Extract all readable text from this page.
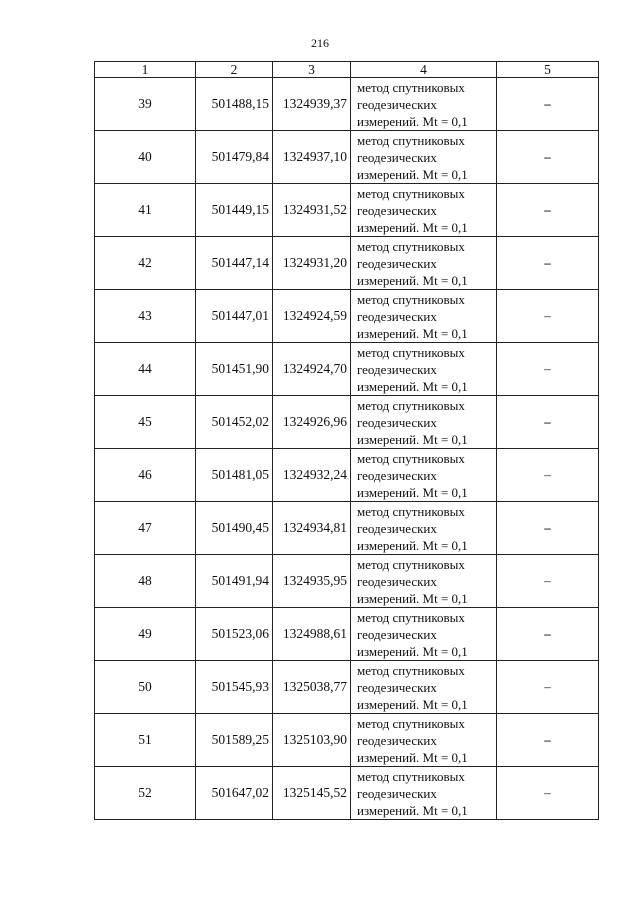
216
1	2	3	4	5
39	501488,15	1324939,37	метод спутниковых
геодезических
измерений. Mt = 0,1	–
40	501479,84	1324937,10	метод спутниковых
геодезических
измерений. Mt = 0,1	–
41	501449,15	1324931,52	метод спутниковых
геодезических
измерений. Mt = 0,1	–
42	501447,14	1324931,20	метод спутниковых
геодезических
измерений. Mt = 0,1	–
43	501447,01	1324924,59	метод спутниковых
геодезических
измерений. Mt = 0,1	–
44	501451,90	1324924,70	метод спутниковых
геодезических
измерений. Mt = 0,1	–
45	501452,02	1324926,96	метод спутниковых
геодезических
измерений. Mt = 0,1	–
46	501481,05	1324932,24	метод спутниковых
геодезических
измерений. Mt = 0,1	–
47	501490,45	1324934,81	метод спутниковых
геодезических
измерений. Mt = 0,1	–
48	501491,94	1324935,95	метод спутниковых
геодезических
измерений. Mt = 0,1	–
49	501523,06	1324988,61	метод спутниковых
геодезических
измерений. Mt = 0,1	–
50	501545,93	1325038,77	метод спутниковых
геодезических
измерений. Mt = 0,1	–
51	501589,25	1325103,90	метод спутниковых
геодезических
измерений. Mt = 0,1	–
52	501647,02	1325145,52	метод спутниковых
геодезических
измерений. Mt = 0,1	–
